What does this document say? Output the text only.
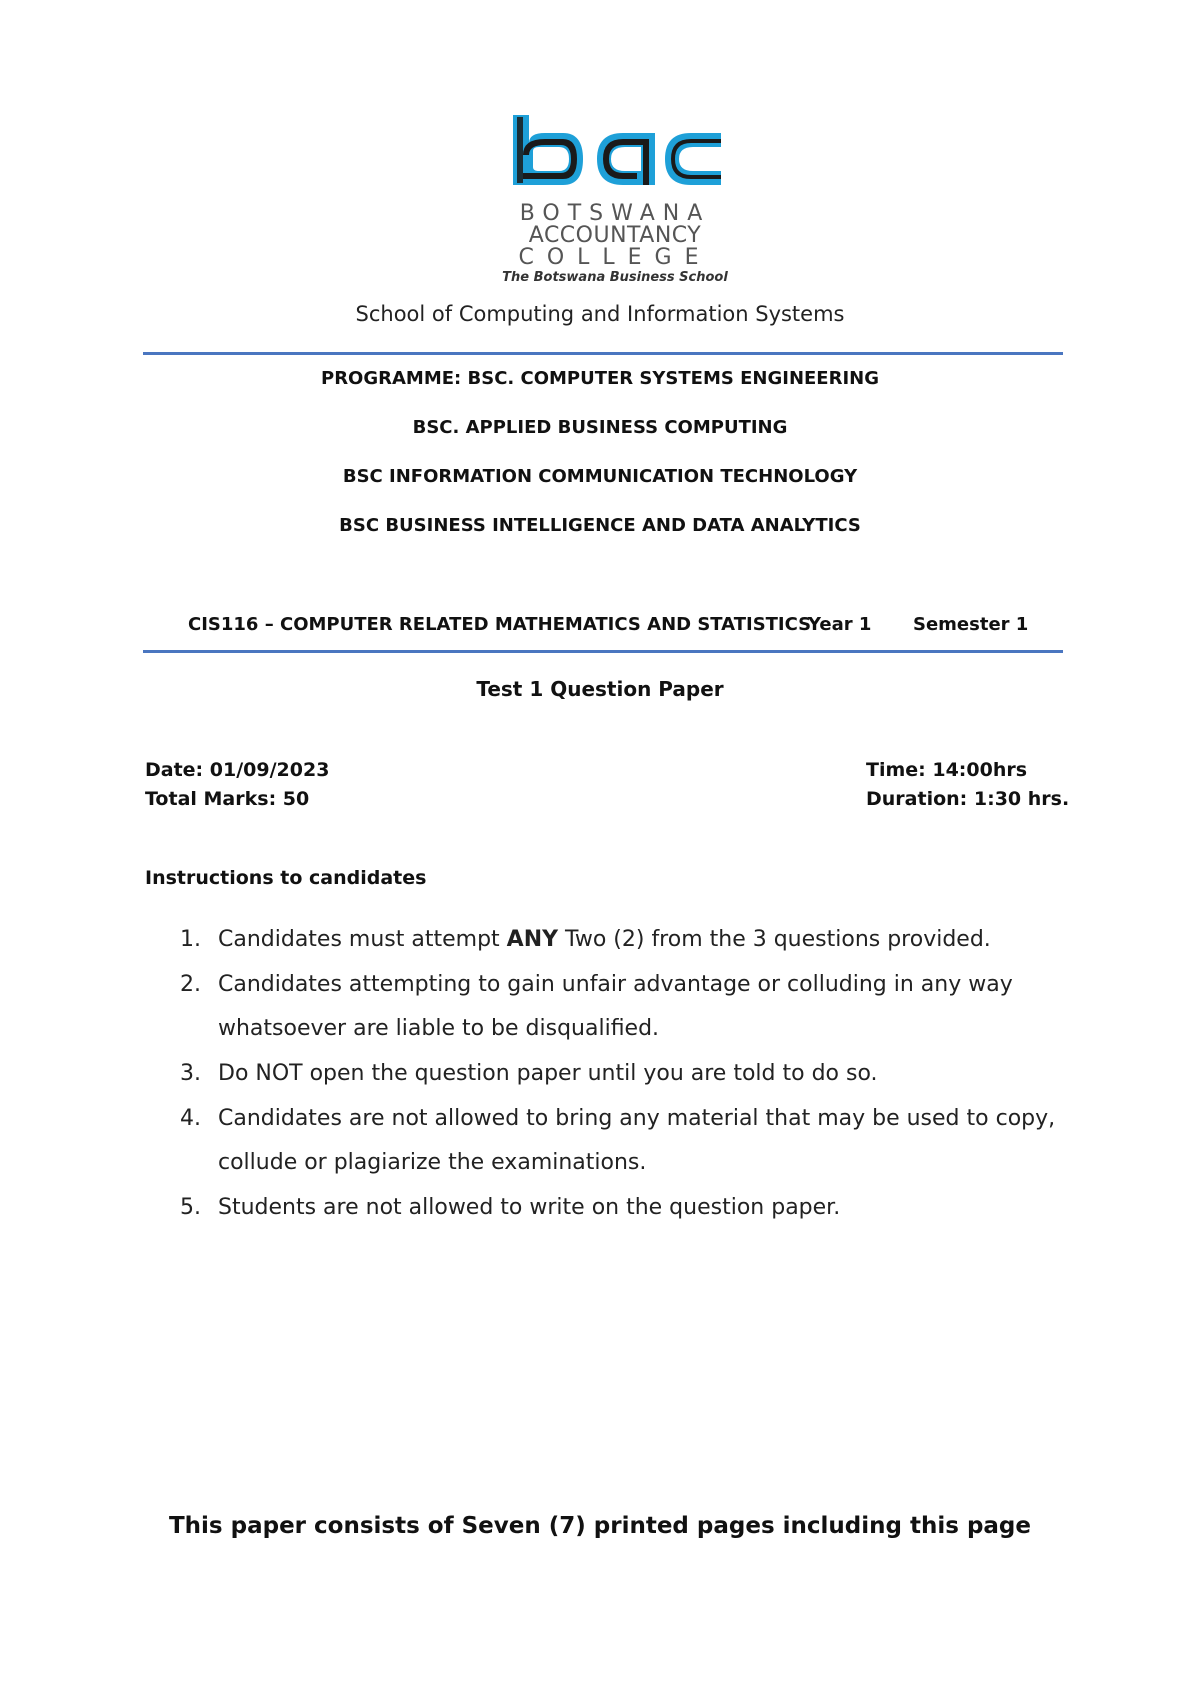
BOTSWANA
ACCOUNTANCY
COLLEGE
The Botswana Business School
School of Computing and Information Systems
PROGRAMME: BSC. COMPUTER SYSTEMS ENGINEERING
BSC. APPLIED BUSINESS COMPUTING
BSC INFORMATION COMMUNICATION TECHNOLOGY
BSC BUSINESS INTELLIGENCE AND DATA ANALYTICS
CIS116 – COMPUTER RELATED MATHEMATICS AND STATISTICS
Year 1 Semester 1
Test 1 Question Paper
Date: 01/09/2023
Total Marks: 50
Time: 14:00hrs
Duration: 1:30 hrs.
Instructions to candidates
1. Candidates must attempt ANY Two (2) from the 3 questions provided.
2. Candidates attempting to gain unfair advantage or colluding in any way whatsoever are liable to be disqualified.
3. Do NOT open the question paper until you are told to do so.
4. Candidates are not allowed to bring any material that may be used to copy, collude or plagiarize the examinations.
5. Students are not allowed to write on the question paper.
This paper consists of Seven (7) printed pages including this page
